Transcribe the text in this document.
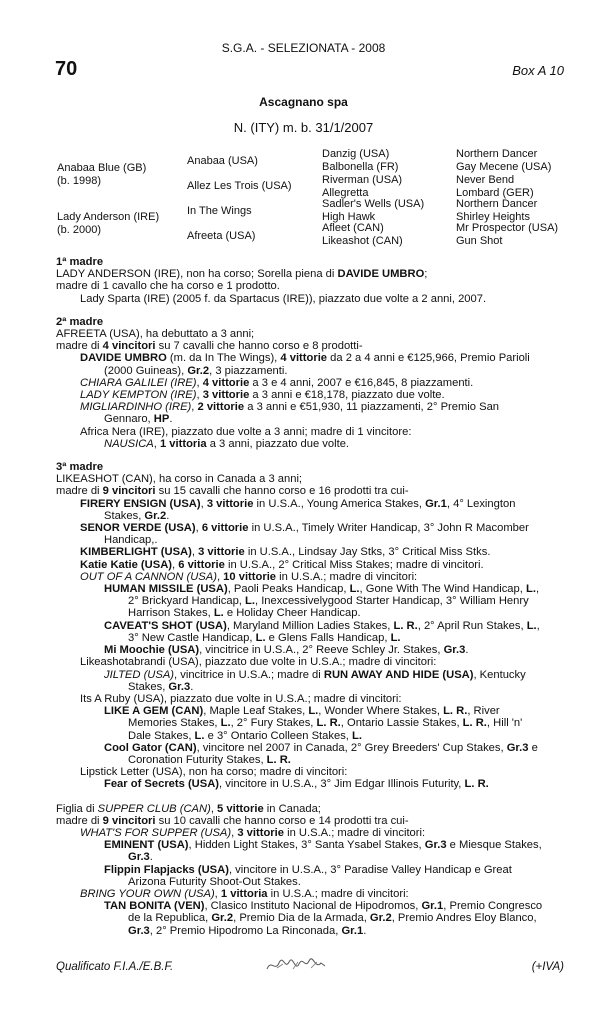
S.G.A. - SELEZIONATA - 2008
70	Box A 10
Ascagnano spa
N. (ITY) m. b. 31/1/2007
Anabaa Blue (GB)
(b. 1998)
Lady Anderson (IRE)
(b. 2000)
Anabaa (USA)
Allez Les Trois (USA)
In The Wings
Afreeta (USA)
Danzig (USA)
Balbonella (FR)
Riverman (USA)
Allegretta
Sadler's Wells (USA)
High Hawk
Afleet (CAN)
Likeashot (CAN)
Northern Dancer
Gay Mecene (USA)
Never Bend
Lombard (GER)
Northern Dancer
Shirley Heights
Mr Prospector (USA)
Gun Shot

1ª madre

LADY ANDERSON (IRE), non ha corso; Sorella piena di DAVIDE UMBRO;

madre di 1 cavallo che ha corso e 1 prodotto.

Lady Sparta (IRE) (2005 f. da Spartacus (IRE)), piazzato due volte a 2 anni, 2007.

2ª madre

AFREETA (USA), ha debuttato a 3 anni;

madre di 4 vincitori su 7 cavalli che hanno corso e 8 prodotti-

DAVIDE UMBRO (m. da In The Wings), 4 vittorie da 2 a 4 anni e €125,966, Premio Parioli (2000 Guineas), Gr.2, 3 piazzamenti.

CHIARA GALILEI (IRE), 4 vittorie a 3 e 4 anni, 2007 e €16,845, 8 piazzamenti.

LADY KEMPTON (IRE), 3 vittorie a 3 anni e €18,178, piazzato due volte.

MIGLIARDINHO (IRE), 2 vittorie a 3 anni e €51,930, 11 piazzamenti, 2° Premio San Gennaro, HP.

Africa Nera (IRE), piazzato due volte a 3 anni; madre di 1 vincitore:

NAUSICA, 1 vittoria a 3 anni, piazzato due volte.

3ª madre

LIKEASHOT (CAN), ha corso in Canada a 3 anni;

madre di 9 vincitori su 15 cavalli che hanno corso e 16 prodotti tra cui-

FIRERY ENSIGN (USA), 3 vittorie in U.S.A., Young America Stakes, Gr.1, 4° Lexington Stakes, Gr.2.

SENOR VERDE (USA), 6 vittorie in U.S.A., Timely Writer Handicap, 3° John R Macomber Handicap,.

KIMBERLIGHT (USA), 3 vittorie in U.S.A., Lindsay Jay Stks, 3° Critical Miss Stks.

Katie Katie (USA), 6 vittorie in U.S.A., 2° Critical Miss Stakes; madre di vincitori.

OUT OF A CANNON (USA), 10 vittorie in U.S.A.; madre di vincitori:

HUMAN MISSILE (USA), Paoli Peaks Handicap, L., Gone With The Wind Handicap, L., 2° Brickyard Handicap, L., Inexcessivelygood Starter Handicap, 3° William Henry Harrison Stakes, L. e Holiday Cheer Handicap.

CAVEAT'S SHOT (USA), Maryland Million Ladies Stakes, L. R., 2° April Run Stakes, L., 3° New Castle Handicap, L. e Glens Falls Handicap, L.

Mi Moochie (USA), vincitrice in U.S.A., 2° Reeve Schley Jr. Stakes, Gr.3.

Likeashotabrandi (USA), piazzato due volte in U.S.A.; madre di vincitori:

JILTED (USA), vincitrice in U.S.A.; madre di RUN AWAY AND HIDE (USA), Kentucky Stakes, Gr.3.

Its A Ruby (USA), piazzato due volte in U.S.A.; madre di vincitori:

LIKE A GEM (CAN), Maple Leaf Stakes, L., Wonder Where Stakes, L. R., River Memories Stakes, L., 2° Fury Stakes, L. R., Ontario Lassie Stakes, L. R., Hill 'n' Dale Stakes, L. e 3° Ontario Colleen Stakes, L.

Cool Gator (CAN), vincitore nel 2007 in Canada, 2° Grey Breeders' Cup Stakes, Gr.3 e Coronation Futurity Stakes, L. R.

Lipstick Letter (USA), non ha corso; madre di vincitori:

Fear of Secrets (USA), vincitore in U.S.A., 3° Jim Edgar Illinois Futurity, L. R.

Figlia di SUPPER CLUB (CAN), 5 vittorie in Canada;

madre di 9 vincitori su 10 cavalli che hanno corso e 14 prodotti tra cui-

WHAT'S FOR SUPPER (USA), 3 vittorie in U.S.A.; madre di vincitori:

EMINENT (USA), Hidden Light Stakes, 3° Santa Ysabel Stakes, Gr.3 e Miesque Stakes, Gr.3.

Flippin Flapjacks (USA), vincitore in U.S.A., 3° Paradise Valley Handicap e Great Arizona Futurity Shoot-Out Stakes.

BRING YOUR OWN (USA), 1 vittoria in U.S.A.; madre di vincitori:

TAN BONITA (VEN), Clasico Instituto Nacional de Hipodromos, Gr.1, Premio Congresco de la Republica, Gr.2, Premio Dia de la Armada, Gr.2, Premio Andres Eloy Blanco, Gr.3, 2° Premio Hipodromo La Rinconada, Gr.1.

Qualificato F.I.A./E.B.F.	(+IVA)
